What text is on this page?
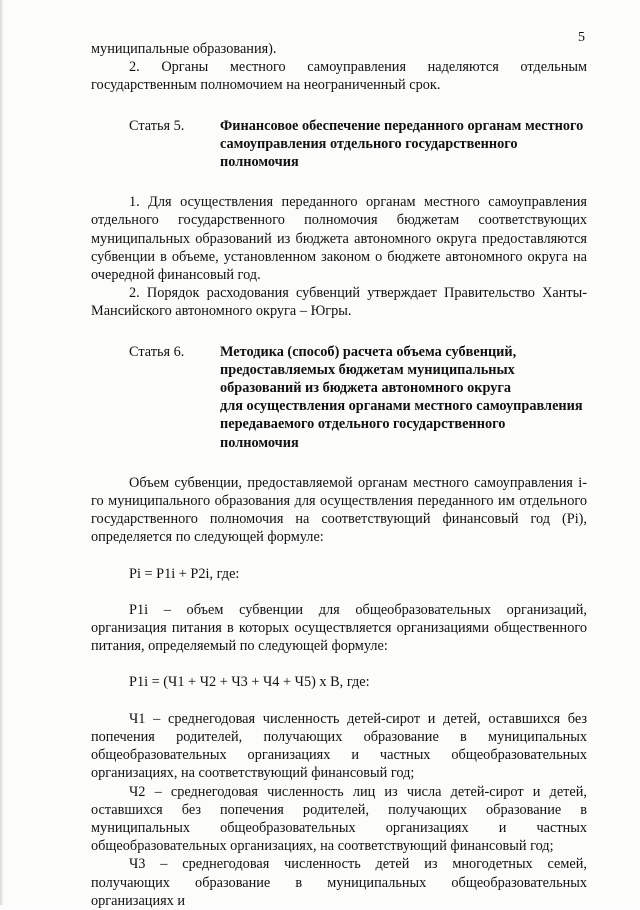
5

муниципальные образования).

2. Органы местного самоуправления наделяются отдельным государственным полномочием на неограниченный срок.

Статья 5. Финансовое обеспечение переданного органам местного
самоуправления отдельного государственного
полномочия

1. Для осуществления переданного органам местного самоуправления отдельного государственного полномочия бюджетам соответствующих муниципальных образований из бюджета автономного округа предоставляются субвенции в объеме, установленном законом о бюджете автономного округа на очередной финансовый год.

2. Порядок расходования субвенций утверждает Правительство Ханты-Мансийского автономного округа – Югры.

Статья 6. Методика (способ) расчета объема субвенций,
предоставляемых бюджетам муниципальных
образований из бюджета автономного округа
для осуществления органами местного самоуправления
передаваемого отдельного государственного полномочия

Объем субвенции, предоставляемой органам местного самоуправления i-го муниципального образования для осуществления переданного им отдельного государственного полномочия на соответствующий финансовый год (Pi), определяется по следующей формуле:

Pi = P1i + P2i, где:

P1i – объем субвенции для общеобразовательных организаций, организация питания в которых осуществляется организациями общественного питания, определяемый по следующей формуле:

P1i = (Ч1 + Ч2 + Ч3 + Ч4 + Ч5) x B, где:

Ч1 – среднегодовая численность детей-сирот и детей, оставшихся без попечения родителей, получающих образование в муниципальных общеобразовательных организациях и частных общеобразовательных организациях, на соответствующий финансовый год;

Ч2 – среднегодовая численность лиц из числа детей-сирот и детей, оставшихся без попечения родителей, получающих образование в муниципальных общеобразовательных организациях и частных общеобразовательных организациях, на соответствующий финансовый год;

Ч3 – среднегодовая численность детей из многодетных семей, получающих образование в муниципальных общеобразовательных организациях и
